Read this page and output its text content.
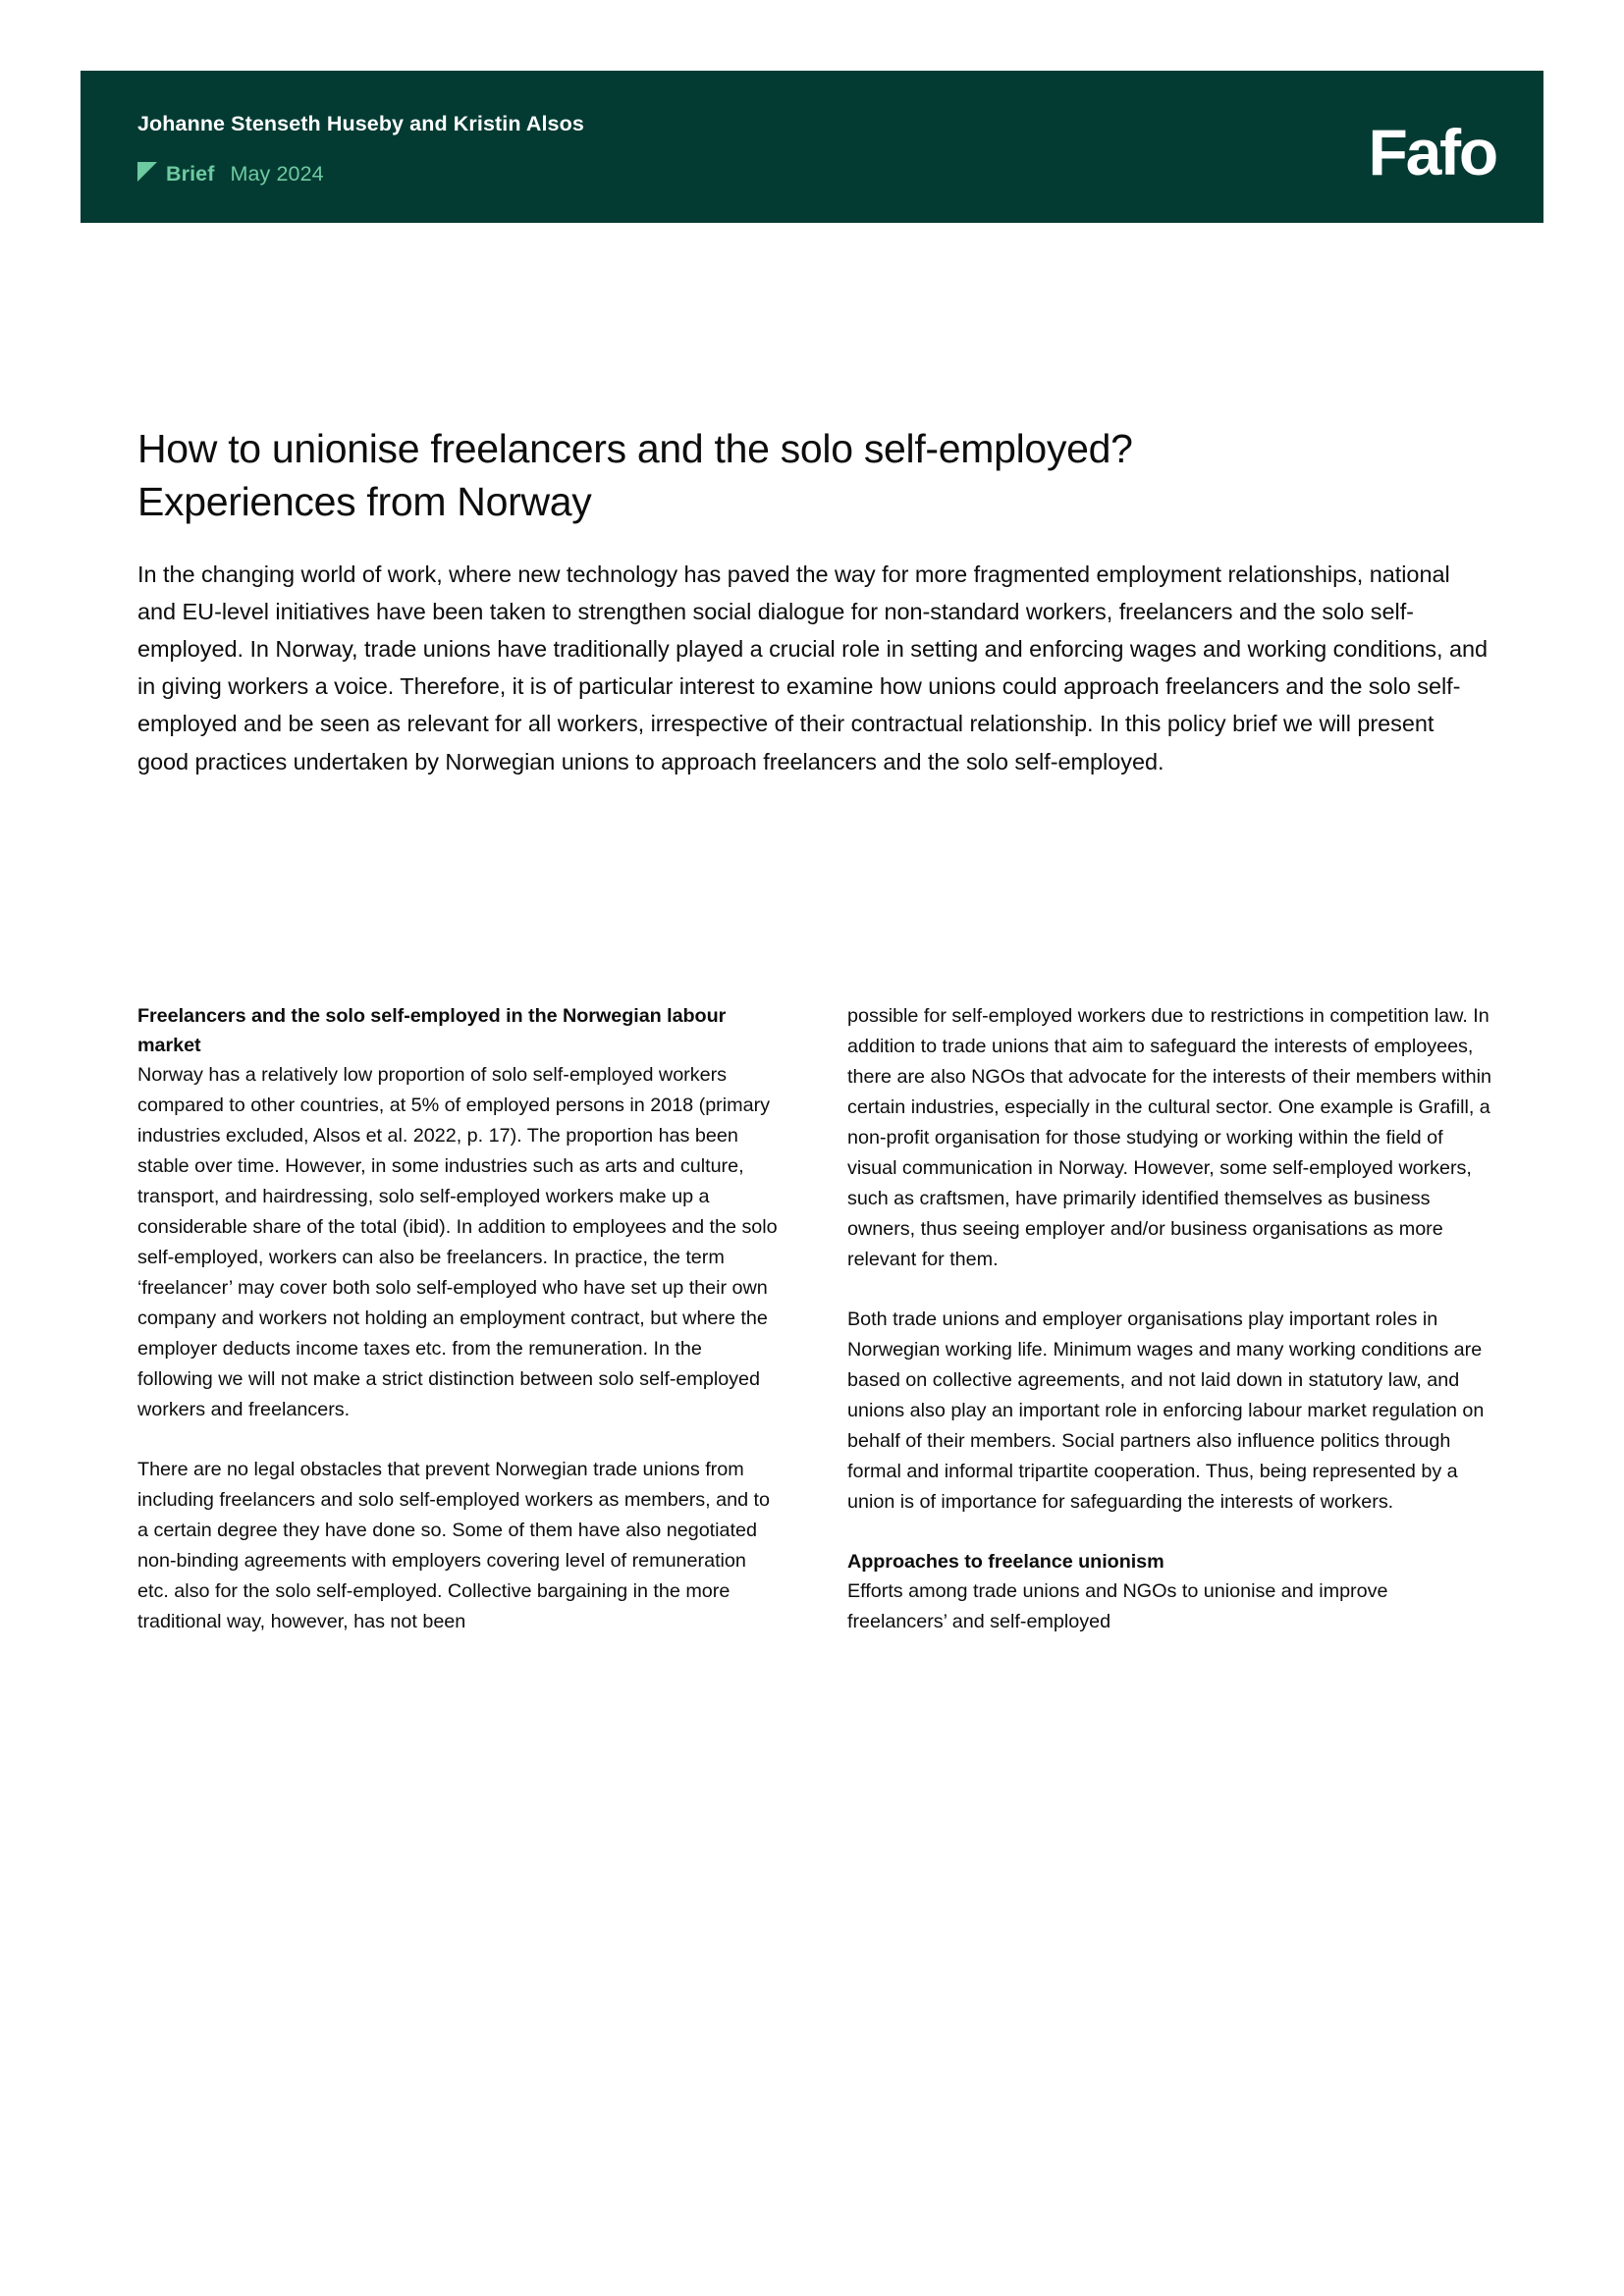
Johanne Stenseth Huseby and Kristin Alsos
Brief May 2024	Fafo
How to unionise freelancers and the solo self-employed? Experiences from Norway

In the changing world of work, where new technology has paved the way for more fragmented employment relationships, national and EU-level initiatives have been taken to strengthen social dialogue for non-standard workers, freelancers and the solo self-employed. In Norway, trade unions have traditionally played a crucial role in setting and enforcing wages and working conditions, and in giving workers a voice. Therefore, it is of particular interest to examine how unions could approach freelancers and the solo self-employed and be seen as relevant for all workers, irrespective of their contractual relationship. In this policy brief we will present good practices undertaken by Norwegian unions to approach freelancers and the solo self-employed.

Freelancers and the solo self-employed in the Norwegian labour market

Norway has a relatively low proportion of solo self-employed workers compared to other countries, at 5% of employed persons in 2018 (primary industries excluded, Alsos et al. 2022, p. 17). The proportion has been stable over time. However, in some industries such as arts and culture, transport, and hairdressing, solo self-employed workers make up a considerable share of the total (ibid). In addition to employees and the solo self-employed, workers can also be freelancers. In practice, the term ‘freelancer’ may cover both solo self-employed who have set up their own company and workers not holding an employment contract, but where the employer deducts income taxes etc. from the remuneration. In the following we will not make a strict distinction between solo self-employed workers and freelancers.

There are no legal obstacles that prevent Norwegian trade unions from including freelancers and solo self-employed workers as members, and to a certain degree they have done so. Some of them have also negotiated non-binding agreements with employers covering level of remuneration etc. also for the solo self-employed. Collective bargaining in the more traditional way, however, has not been

possible for self-employed workers due to restrictions in competition law. In addition to trade unions that aim to safeguard the interests of employees, there are also NGOs that advocate for the interests of their members within certain industries, especially in the cultural sector. One example is Grafill, a non-profit organisation for those studying or working within the field of visual communication in Norway. However, some self-employed workers, such as craftsmen, have primarily identified themselves as business owners, thus seeing employer and/or business organisations as more relevant for them.

Both trade unions and employer organisations play important roles in Norwegian working life. Minimum wages and many working conditions are based on collective agreements, and not laid down in statutory law, and unions also play an important role in enforcing labour market regulation on behalf of their members. Social partners also influence politics through formal and informal tripartite cooperation. Thus, being represented by a union is of importance for safeguarding the interests of workers.

Approaches to freelance unionism

Efforts among trade unions and NGOs to unionise and improve freelancers’ and self-employed
